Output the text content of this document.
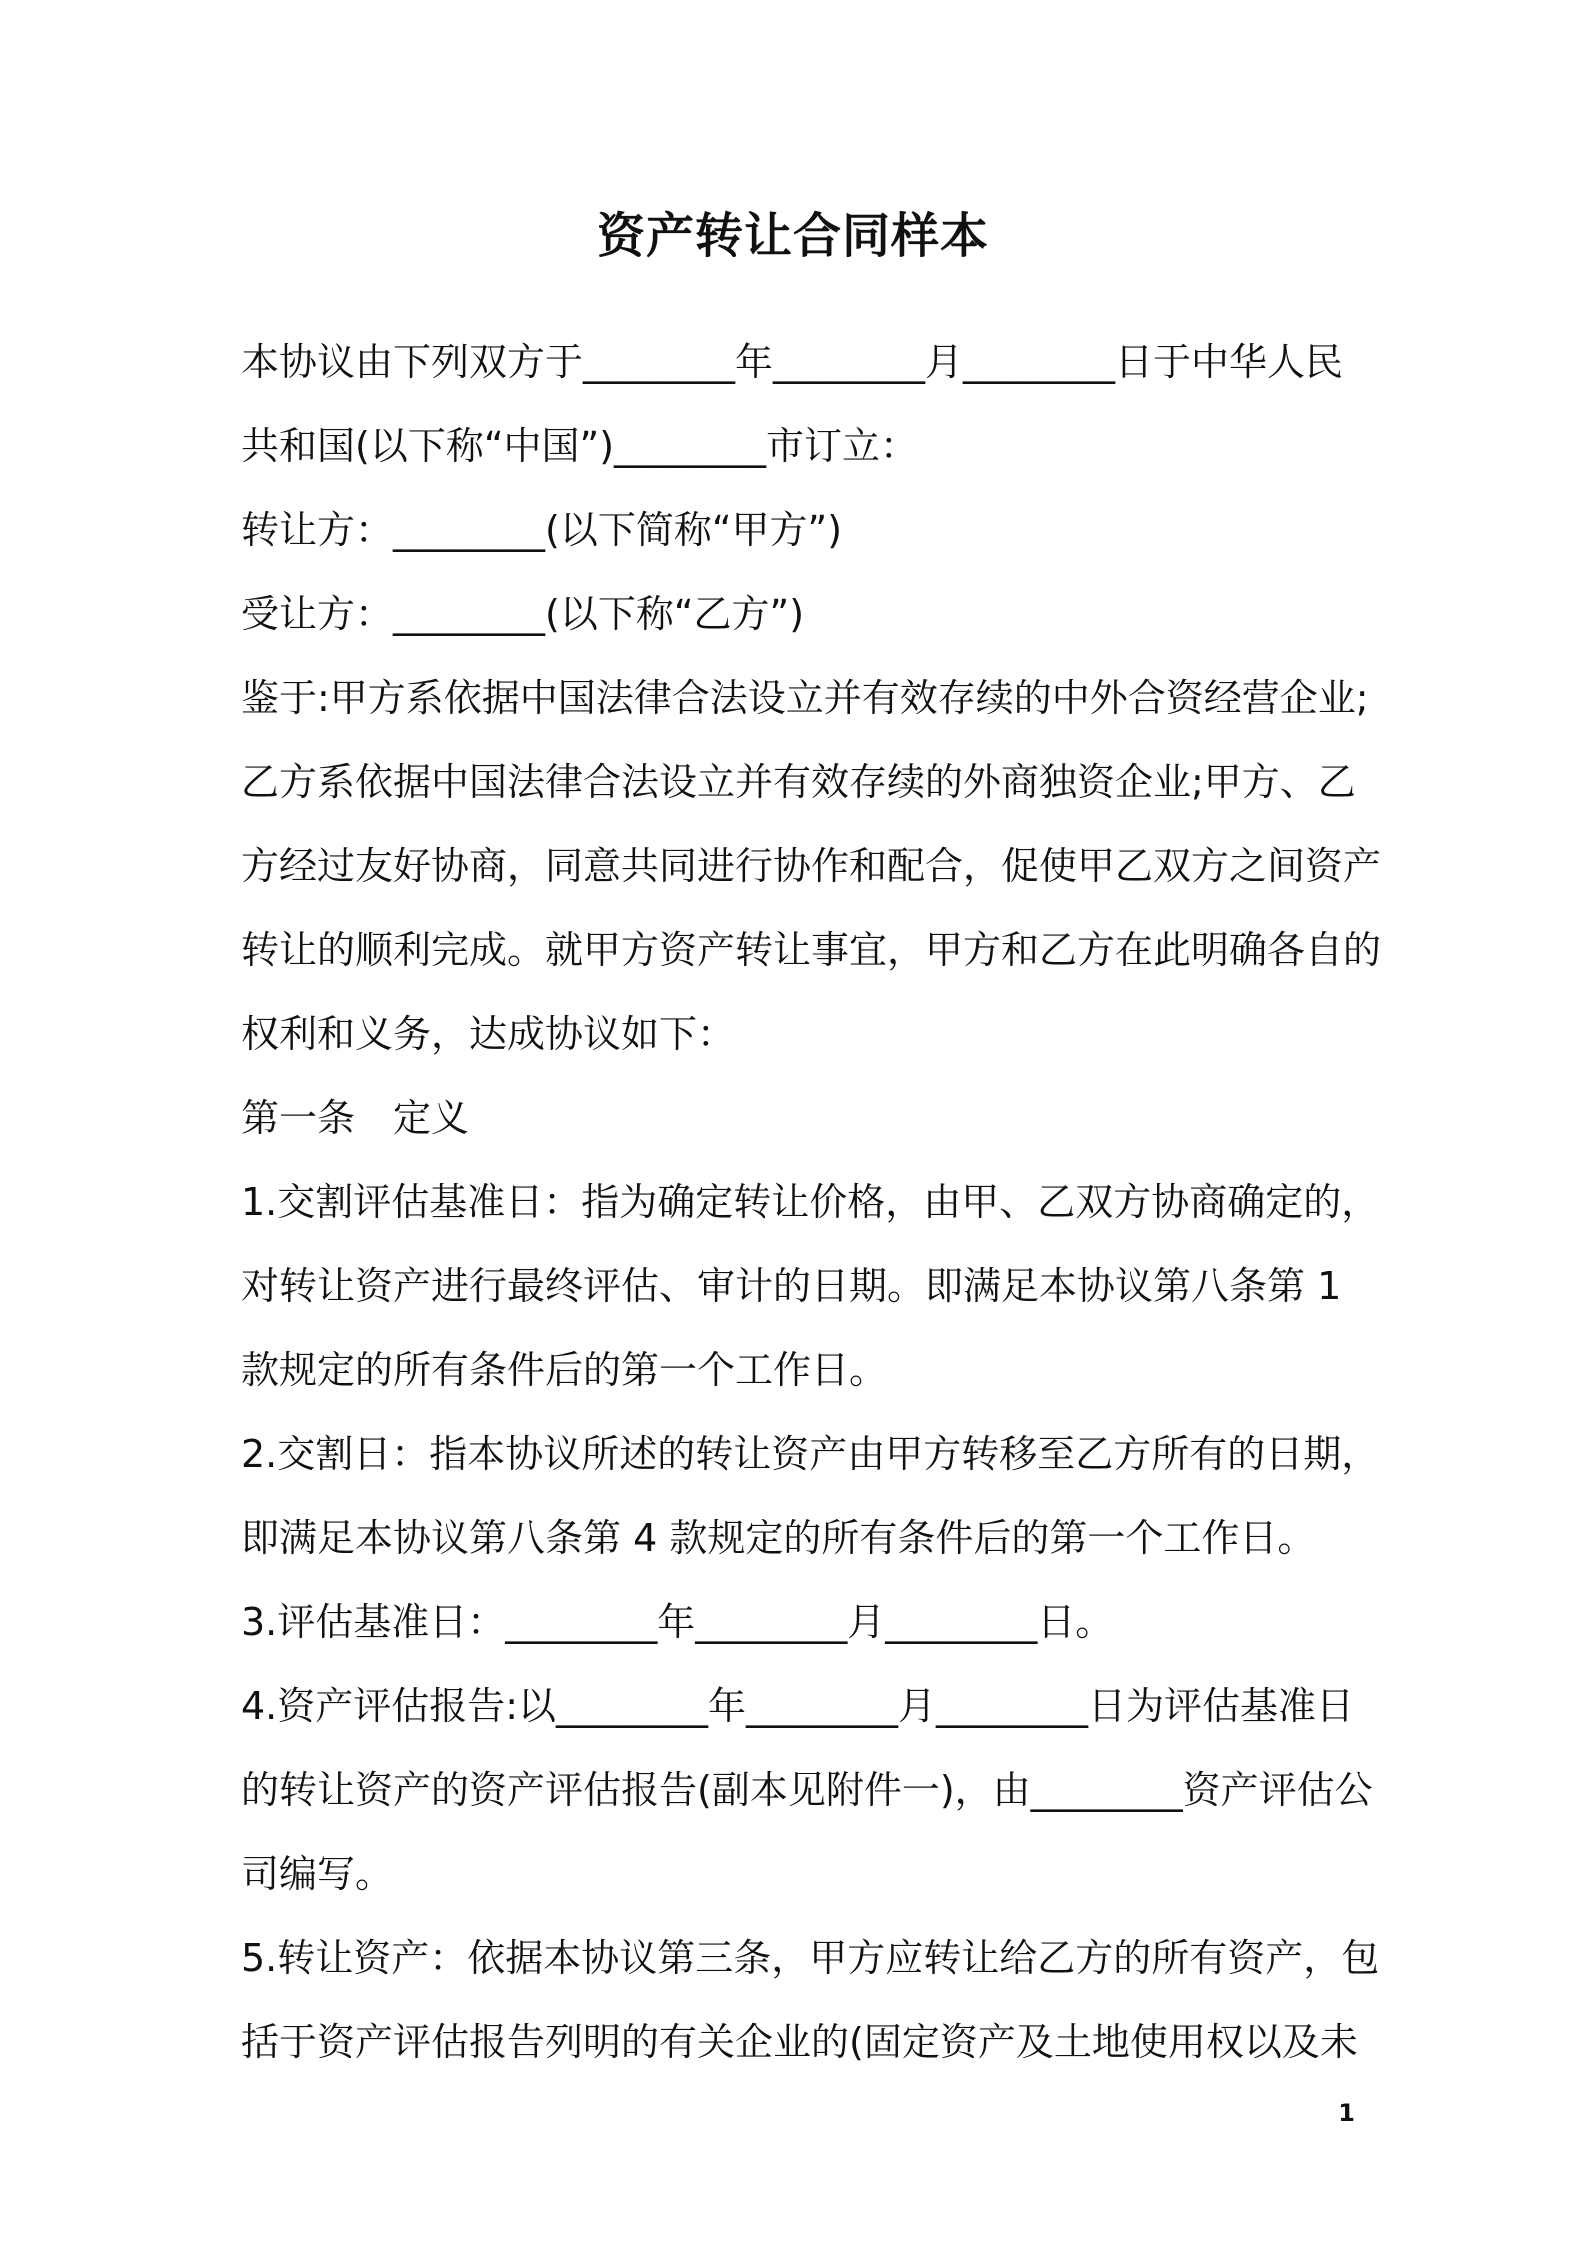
资产转让合同样本
本协议由下列双方于________年________月________日于中华人民
共和国(以下称“中国”)________市订立：
转让方：________(以下简称“甲方”)
受让方：________(以下称“乙方”)
鉴于:甲方系依据中国法律合法设立并有效存续的中外合资经营企业;
乙方系依据中国法律合法设立并有效存续的外商独资企业;甲方、乙
方经过友好协商，同意共同进行协作和配合，促使甲乙双方之间资产
转让的顺利完成。就甲方资产转让事宜，甲方和乙方在此明确各自的
权利和义务，达成协议如下：
第一条　定义
1.交割评估基准日：指为确定转让价格，由甲、乙双方协商确定的，
对转让资产进行最终评估、审计的日期。即满足本协议第八条第 1
款规定的所有条件后的第一个工作日。
2.交割日：指本协议所述的转让资产由甲方转移至乙方所有的日期，
即满足本协议第八条第 4 款规定的所有条件后的第一个工作日。
3.评估基准日：________年________月________日。
4.资产评估报告:以________年________月________日为评估基准日
的转让资产的资产评估报告(副本见附件一)，由________资产评估公
司编写。
5.转让资产：依据本协议第三条，甲方应转让给乙方的所有资产，包
括于资产评估报告列明的有关企业的(固定资产及土地使用权以及未
1
